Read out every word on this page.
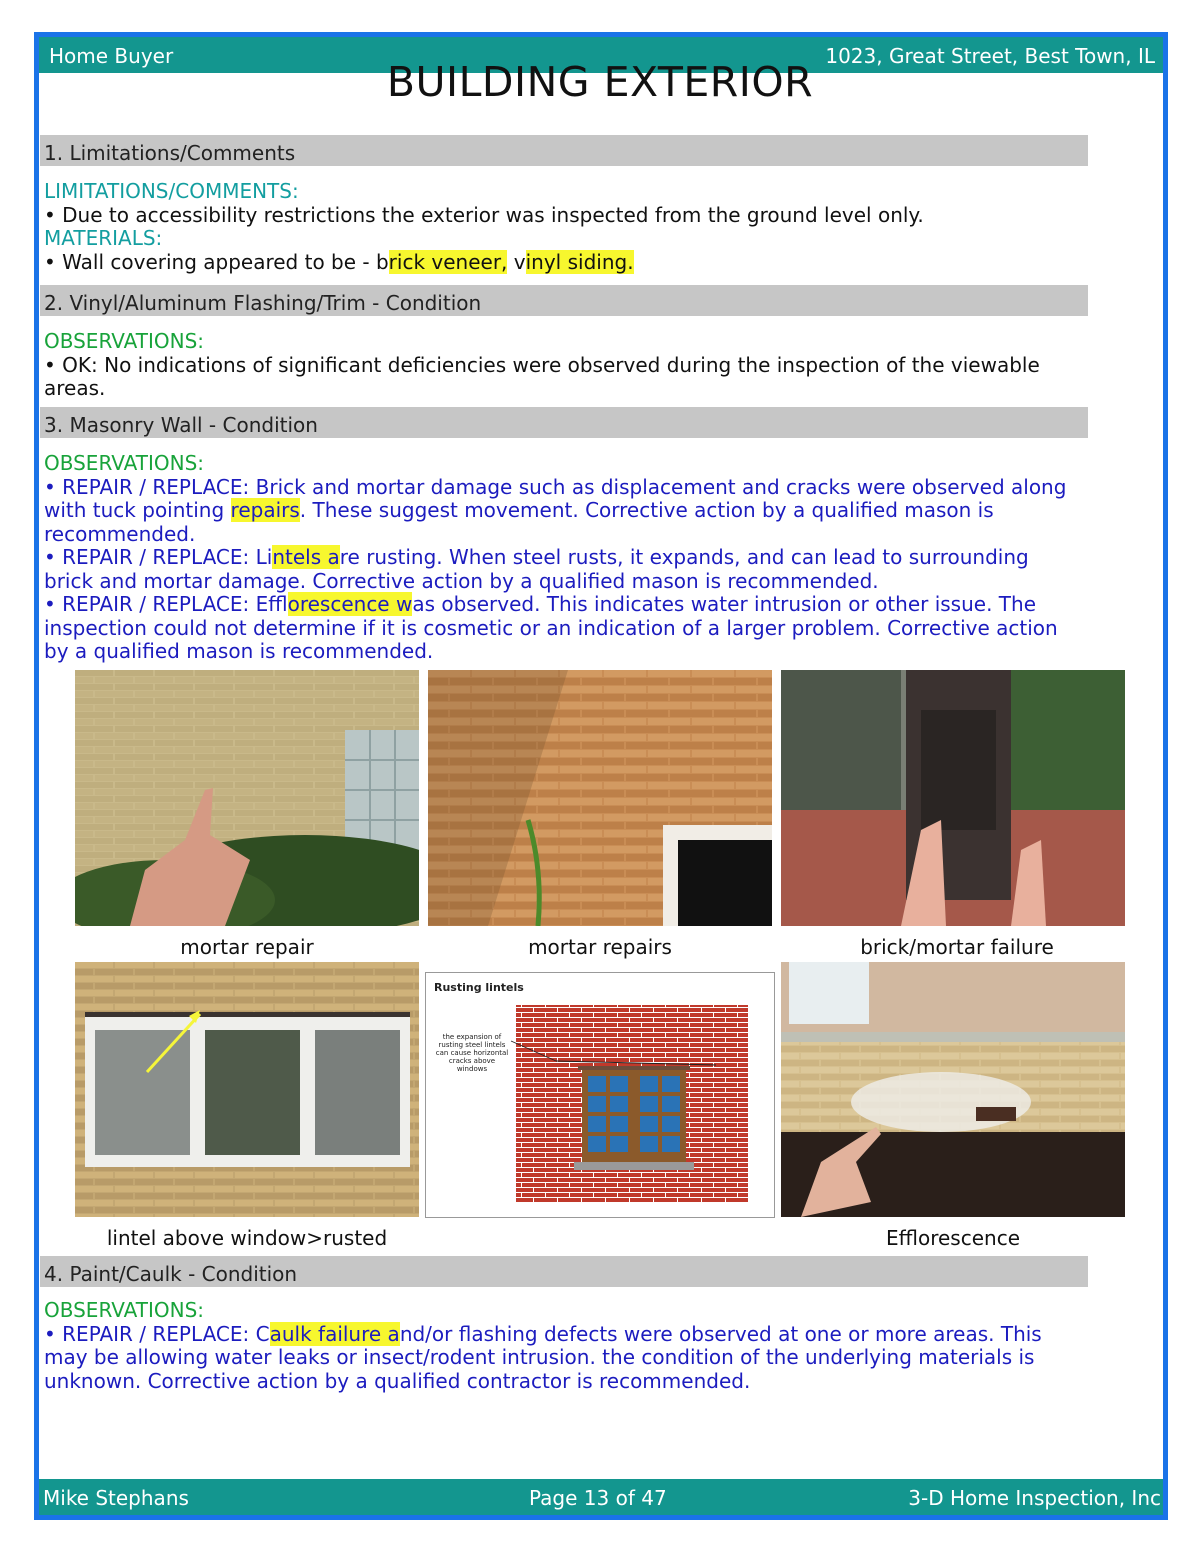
Home Buyer	1023, Great Street, Best Town, IL
Mike Stephans	Page 13 of 47	3-D Home Inspection, Inc
BUILDING EXTERIOR
1. Limitations/Comments
LIMITATIONS/COMMENTS:
• Due to accessibility restrictions the exterior was inspected from the ground level only.
MATERIALS:
• Wall covering appeared to be - brick veneer, vinyl siding.
2. Vinyl/Aluminum Flashing/Trim - Condition
OBSERVATIONS:
• OK: No indications of significant deficiencies were observed during the inspection of the viewable areas.
3. Masonry Wall - Condition
OBSERVATIONS:
• REPAIR / REPLACE: Brick and mortar damage such as displacement and cracks were observed along with tuck pointing repairs. These suggest movement. Corrective action by a qualified mason is recommended.
• REPAIR / REPLACE: Lintels are rusting. When steel rusts, it expands, and can lead to surrounding brick and mortar damage. Corrective action by a qualified mason is recommended.
• REPAIR / REPLACE: Efflorescence was observed. This indicates water intrusion or other issue. The inspection could not determine if it is cosmetic or an indication of a larger problem. Corrective action by a qualified mason is recommended.
mortar repair	mortar repairs	brick/mortar failure
Rusting lintels
the expansion of
rusting steel lintels
can cause horizontal
cracks above
windows
lintel above window>rusted	Efflorescence
4. Paint/Caulk - Condition
OBSERVATIONS:
• REPAIR / REPLACE: Caulk failure and/or flashing defects were observed at one or more areas. This may be allowing water leaks or insect/rodent intrusion. the condition of the underlying materials is unknown. Corrective action by a qualified contractor is recommended.
